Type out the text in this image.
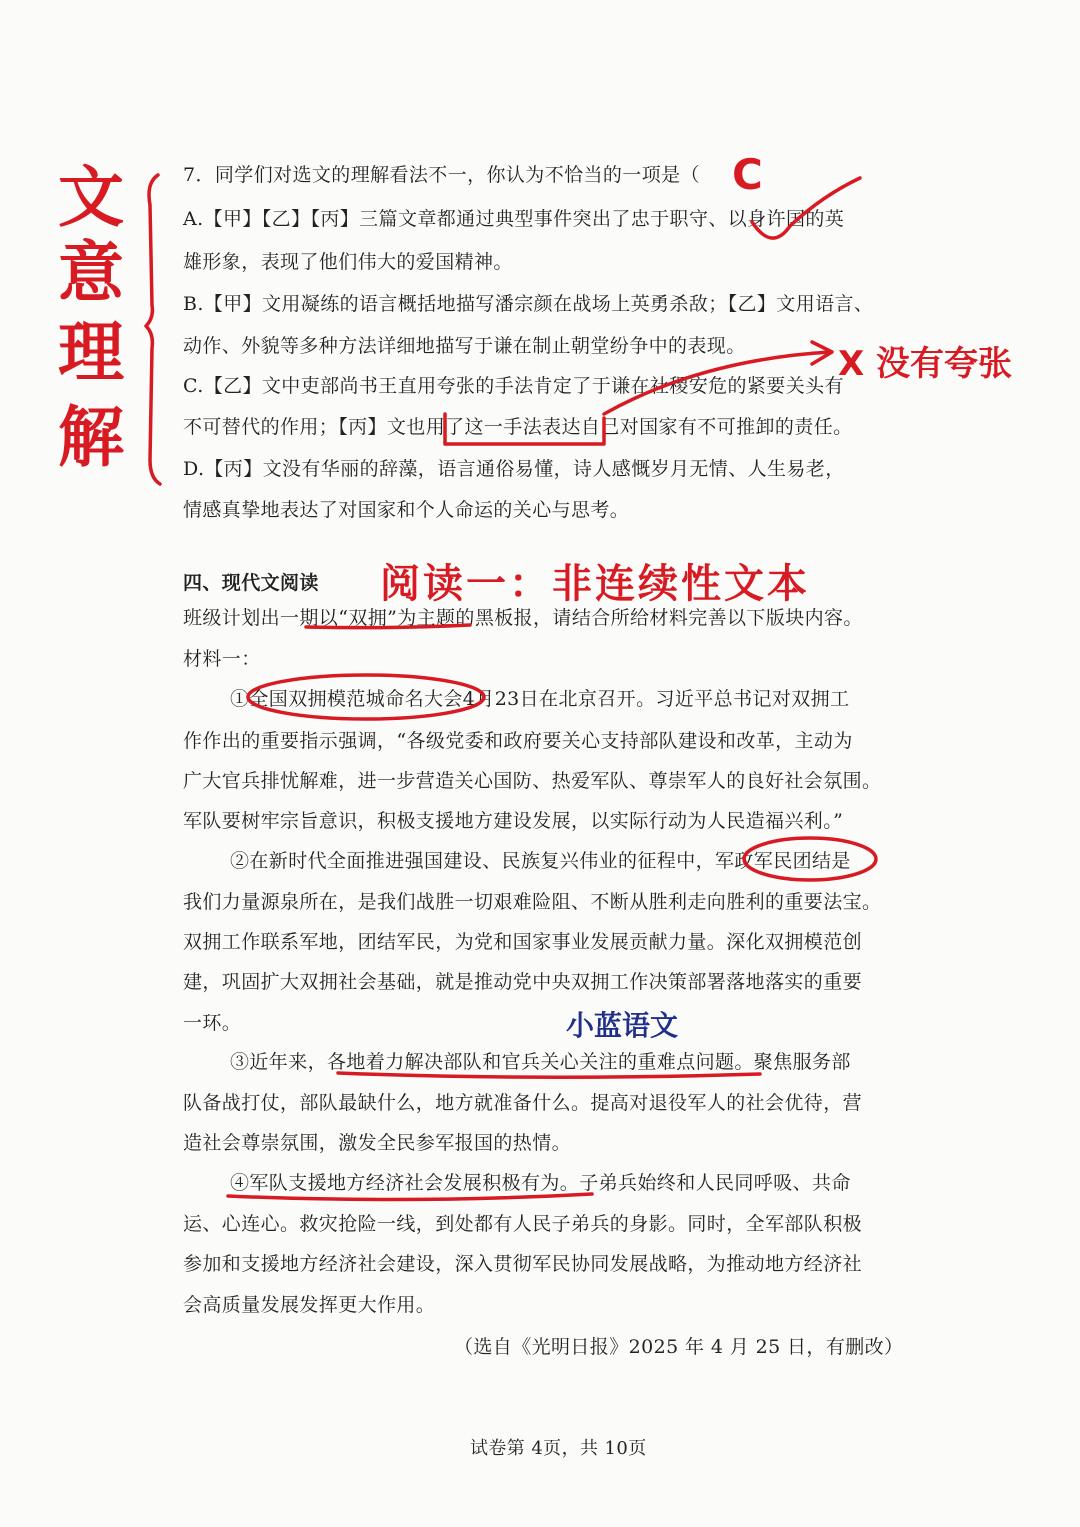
7．同学们对选文的理解看法不一，你认为不恰当的一项是（
A.【甲】【乙】【丙】三篇文章都通过典型事件突出了忠于职守、以身许国的英
雄形象，表现了他们伟大的爱国精神。
B.【甲】文用凝练的语言概括地描写潘宗颜在战场上英勇杀敌；【乙】文用语言、
动作、外貌等多种方法详细地描写于谦在制止朝堂纷争中的表现。
C.【乙】文中吏部尚书王直用夸张的手法肯定了于谦在社稷安危的紧要关头有
不可替代的作用；【丙】文也用了这一手法表达自己对国家有不可推卸的责任。
D.【丙】文没有华丽的辞藻，语言通俗易懂，诗人感慨岁月无情、人生易老，
情感真挚地表达了对国家和个人命运的关心与思考。
四、现代文阅读
班级计划出一期以“双拥”为主题的黑板报，请结合所给材料完善以下版块内容。
材料一：
①全国双拥模范城命名大会4月23日在北京召开。习近平总书记对双拥工
作作出的重要指示强调，“各级党委和政府要关心支持部队建设和改革，主动为
广大官兵排忧解难，进一步营造关心国防、热爱军队、尊崇军人的良好社会氛围。
军队要树牢宗旨意识，积极支援地方建设发展，以实际行动为人民造福兴利。”
②在新时代全面推进强国建设、民族复兴伟业的征程中，军政军民团结是
我们力量源泉所在，是我们战胜一切艰难险阻、不断从胜利走向胜利的重要法宝。
双拥工作联系军地，团结军民，为党和国家事业发展贡献力量。深化双拥模范创
建，巩固扩大双拥社会基础，就是推动党中央双拥工作决策部署落地落实的重要
一环。
③近年来，各地着力解决部队和官兵关心关注的重难点问题。聚焦服务部
队备战打仗，部队最缺什么，地方就准备什么。提高对退役军人的社会优待，营
造社会尊崇氛围，激发全民参军报国的热情。
④军队支援地方经济社会发展积极有为。子弟兵始终和人民同呼吸、共命
运、心连心。救灾抢险一线，到处都有人民子弟兵的身影。同时，全军部队积极
参加和支援地方经济社会建设，深入贯彻军民协同发展战略，为推动地方经济社
会高质量发展发挥更大作用。
（选自《光明日报》2025 年 4 月 25 日，有删改）
试卷第 4页，共 10页
C
文
意
理
解
X 没有夸张
阅读一：非连续性文本
小蓝语文
